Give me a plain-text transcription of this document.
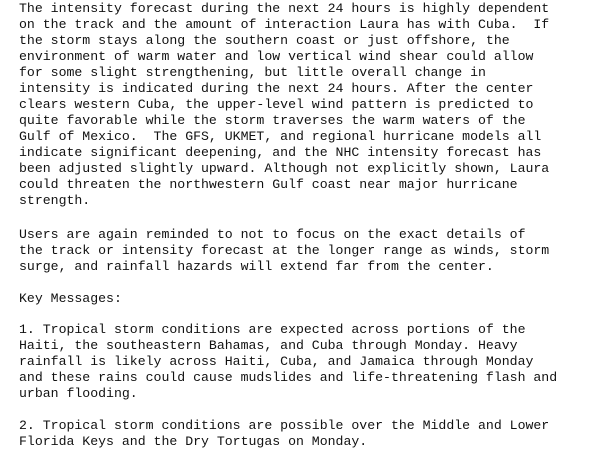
The intensity forecast during the next 24 hours is highly dependent
on the track and the amount of interaction Laura has with Cuba.  If
the storm stays along the southern coast or just offshore, the
environment of warm water and low vertical wind shear could allow
for some slight strengthening, but little overall change in
intensity is indicated during the next 24 hours. After the center
clears western Cuba, the upper-level wind pattern is predicted to
quite favorable while the storm traverses the warm waters of the
Gulf of Mexico.  The GFS, UKMET, and regional hurricane models all
indicate significant deepening, and the NHC intensity forecast has
been adjusted slightly upward. Although not explicitly shown, Laura
could threaten the northwestern Gulf coast near major hurricane
strength.
Users are again reminded to not to focus on the exact details of
the track or intensity forecast at the longer range as winds, storm
surge, and rainfall hazards will extend far from the center.
Key Messages:
1. Tropical storm conditions are expected across portions of the
Haiti, the southeastern Bahamas, and Cuba through Monday. Heavy
rainfall is likely across Haiti, Cuba, and Jamaica through Monday
and these rains could cause mudslides and life-threatening flash and
urban flooding.
2. Tropical storm conditions are possible over the Middle and Lower
Florida Keys and the Dry Tortugas on Monday.
